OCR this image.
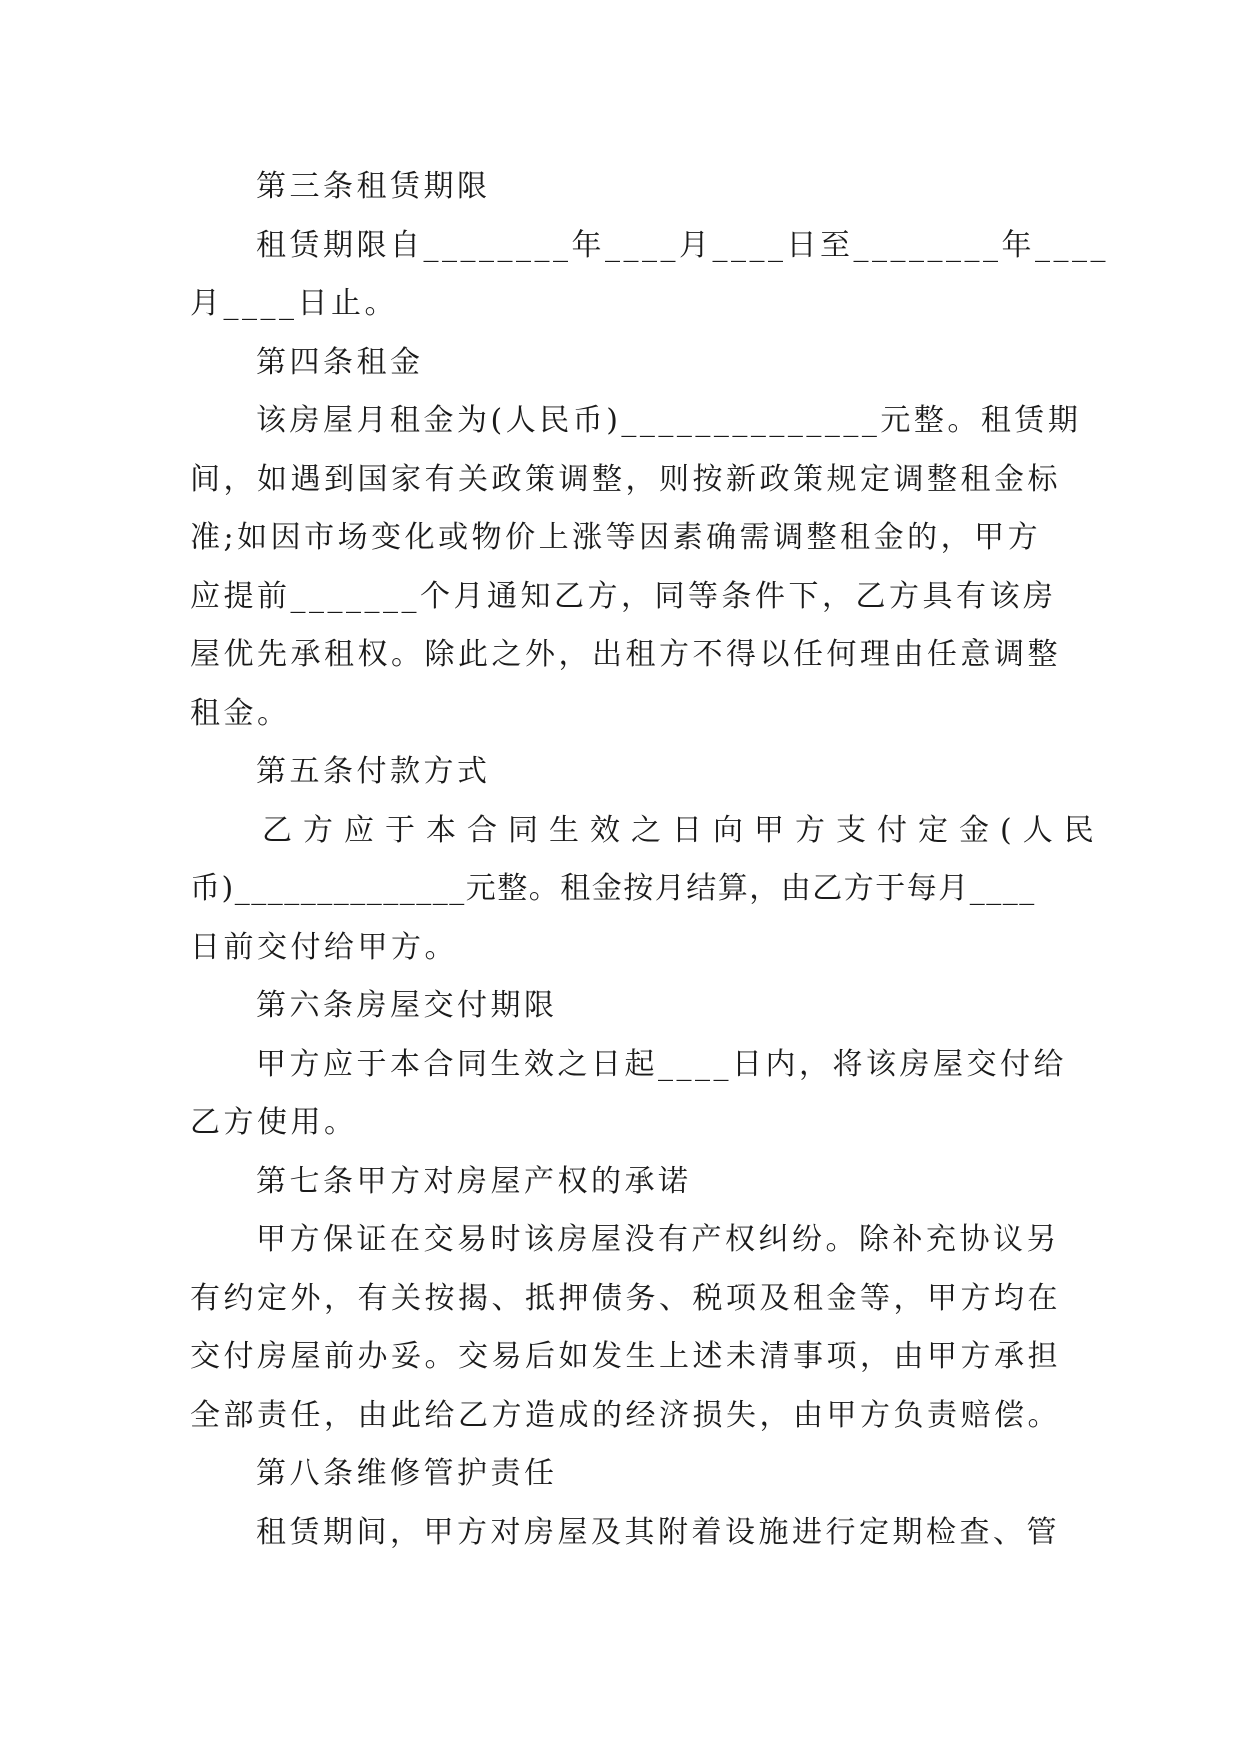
第三条租赁期限
租赁期限自________年____月____日至________年____
月____日止。
第四条租金
该房屋月租金为(人民币)______________元整。租赁期
间，如遇到国家有关政策调整，则按新政策规定调整租金标
准;如因市场变化或物价上涨等因素确需调整租金的，甲方
应提前_______个月通知乙方，同等条件下，乙方具有该房
屋优先承租权。除此之外，出租方不得以任何理由任意调整
租金。
第五条付款方式
乙方应于本合同生效之日向甲方支付定金(人民
币)______________元整。租金按月结算，由乙方于每月____
日前交付给甲方。
第六条房屋交付期限
甲方应于本合同生效之日起____日内，将该房屋交付给
乙方使用。
第七条甲方对房屋产权的承诺
甲方保证在交易时该房屋没有产权纠纷。除补充协议另
有约定外，有关按揭、抵押债务、税项及租金等，甲方均在
交付房屋前办妥。交易后如发生上述未清事项，由甲方承担
全部责任，由此给乙方造成的经济损失，由甲方负责赔偿。
第八条维修管护责任
租赁期间，甲方对房屋及其附着设施进行定期检查、管
